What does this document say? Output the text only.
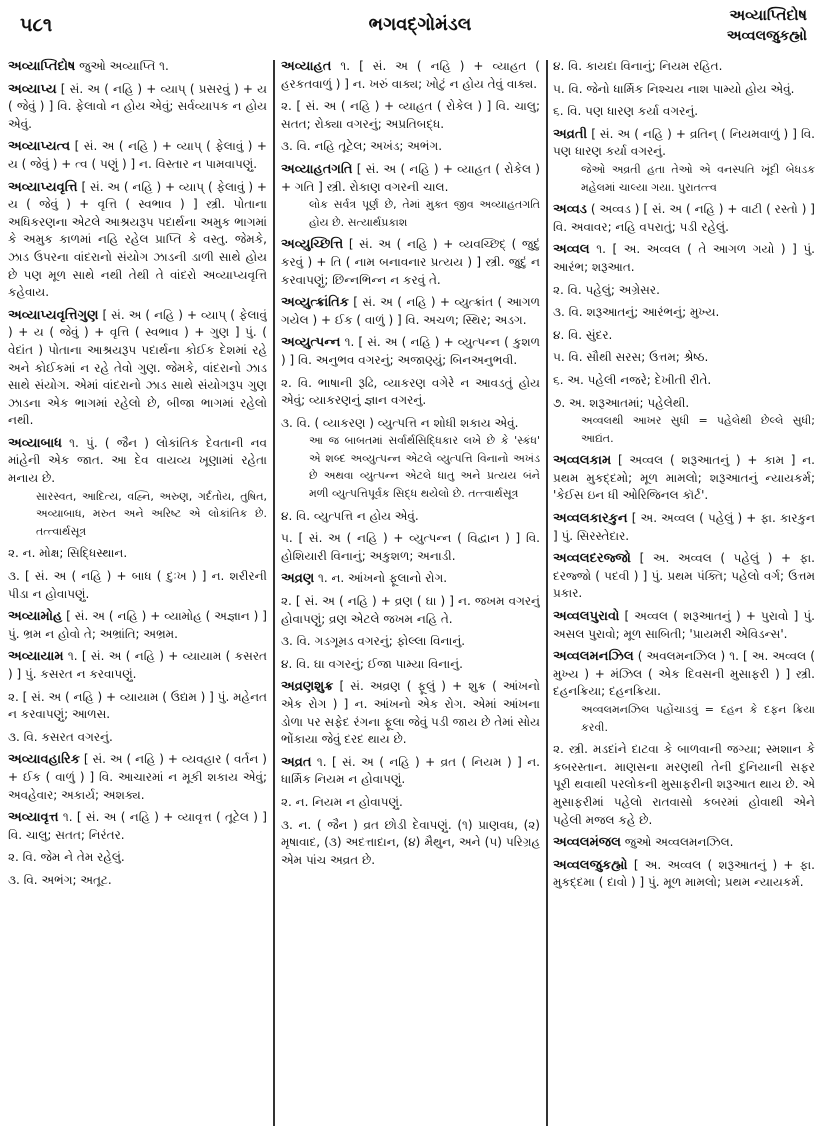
૫૮૧	ભગવદ્ગોમંડલ	અવ્યાપ્તિદોષ
અવ્વલજુકહ્મો
અવ્યાપ્તિદોષ જુઓ અવ્યાપ્તિ ૧.
અવ્યાપ્ય [ સં. અ ( નહિ ) + વ્યાપ્ ( પ્રસરવું ) + ય ( જેવું ) ] વિ. ફેલાવો ન હોય એવું; સર્વવ્યાપક ન હોય એવું.
અવ્યાપ્યત્વ [ સં. અ ( નહિ ) + વ્યાપ્ ( ફેલાવું ) + ય ( જેવું ) + ત્વ ( પણું ) ] ન. વિસ્તાર ન પામવાપણું.
અવ્યાપ્યવૃત્તિ [ સં. અ ( નહિ ) + વ્યાપ્ ( ફેલાવું ) + ય ( જેવું ) + વૃત્તિ ( સ્વભાવ ) ] સ્ત્રી. પોતાના અધિકરણના એટલે આશ્રયરૂપ પદાર્થના અમુક ભાગમાં કે અમુક કાળમાં નહિ રહેલ પ્રાપ્તિ કે વસ્તુ. જેમકે, ઝાડ ઉપરના વાંદરાનો સંયોગ ઝાડની ડાળી સાથે હોય છે પણ મૂળ સાથે નથી તેથી તે વાંદરો અવ્યાપ્યવૃત્તિ કહેવાય.
અવ્યાપ્યવૃત્તિગુણ [ સં. અ ( નહિ ) + વ્યાપ્ ( ફેલાવું ) + ય ( જેવું ) + વૃત્તિ ( સ્વભાવ ) + ગુણ ] પું. ( વેદાંત ) પોતાના આશ્રયરૂપ પદાર્થના કોઈક દેશમાં રહે અને કોઈકમાં ન રહે તેવો ગુણ. જેમકે, વાંદરાનો ઝાડ સાથે સંયોગ. એમાં વાંદરાનો ઝાડ સાથે સંયોગરૂપ ગુણ ઝાડના એક ભાગમાં રહેલો છે, બીજા ભાગમાં રહેલો નથી.
અવ્યાબાધ ૧. પું. ( જૈન ) લોકાંતિક દેવતાની નવ માંહેની એક જાત. આ દેવ વાયવ્ય ખૂણામાં રહેતા મનાય છે.
સારસ્વત, આદિત્ય, વહ્નિ, અરુણ, ગર્દતોય, તુષિત, અવ્યાબાધ, મરુત અને અરિષ્ટ એ લોકાંતિક છે. તત્ત્વાર્થસૂત્ર
૨. ન. મોક્ષ; સિદ્ધિસ્થાન.
૩. [ સં. અ ( નહિ ) + બાધ ( દુઃખ ) ] ન. શરીરની પીડા ન હોવાપણું.
અવ્યામોહ [ સં. અ ( નહિ ) + વ્યામોહ ( અજ્ઞાન ) ] પું. ભ્રમ ન હોવો તે; અભ્રાંતિ; અભ્રમ.
અવ્યાયામ ૧. [ સં. અ ( નહિ ) + વ્યાયામ ( કસરત ) ] પું. કસરત ન કરવાપણું.
૨. [ સં. અ ( નહિ ) + વ્યાયામ ( ઉદ્યમ ) ] પું. મહેનત ન કરવાપણું; આળસ.
૩. વિ. કસરત વગરનું.
અવ્યાવહારિક [ સં. અ ( નહિ ) + વ્યવહાર ( વર્તન ) + ઈક ( વાળું ) ] વિ. આચારમાં ન મૂકી શકાય એવું; અવહેવાર; અકાર્ય; અશક્ય.
અવ્યાવૃત્ત ૧. [ સં. અ ( નહિ ) + વ્યાવૃત્ત ( તૂટેલ ) ] વિ. ચાલુ; સતત; નિરંતર.
૨. વિ. જેમ ને તેમ રહેલું.
૩. વિ. અભંગ; અતૂટ.
અવ્યાહત ૧. [ સં. અ ( નહિ ) + વ્યાહત ( હરકતવાળું ) ] ન. ખરું વાક્ય; ખોટું ન હોય તેવું વાક્ય.
૨. [ સં. અ ( નહિ ) + વ્યાહત ( રોકેલ ) ] વિ. ચાલુ; સતત; રોક્યા વગરનું; અપ્રતિબદ્ધ.
૩. વિ. નહિ તૂટેલ; અખંડ; અભંગ.
અવ્યાહતગતિ [ સં. અ ( નહિ ) + વ્યાહત ( રોકેલ ) + ગતિ ] સ્ત્રી. રોકાણ વગરની ચાલ.
લોક સર્વત્ર પૂર્ણ છે, તેમાં મુક્ત જીવ અવ્યાહતગતિ હોય છે. સત્યાર્થપ્રકાશ
અવ્યુચ્છિત્તિ [ સં. અ ( નહિ ) + વ્યવચ્છિદ્ ( જુદું કરવું ) + તિ ( નામ બનાવનાર પ્રત્યય ) ] સ્ત્રી. જુદું ન કરવાપણું; છિન્નભિન્ન ન કરવું તે.
અવ્યુત્ક્રાંતિક [ સં. અ ( નહિ ) + વ્યુત્ક્રાંત ( આગળ ગયેલ ) + ઈક ( વાળું ) ] વિ. અચળ; સ્થિર; અડગ.
અવ્યુત્પન્ન ૧. [ સં. અ ( નહિ ) + વ્યુત્પન્ન ( કુશળ ) ] વિ. અનુભવ વગરનું; અજાણ્યું; બિનઅનુભવી.
૨. વિ. ભાષાની રૂઢિ, વ્યાકરણ વગેરે ન આવડતું હોય એવું; વ્યાકરણનું જ્ઞાન વગરનું.
૩. વિ. ( વ્યાકરણ ) વ્યુત્પત્તિ ન શોધી શકાય એવું.
આ જ બાબતમાં સર્વાર્થસિદ્ધિકાર લખે છે કે 'સ્કંધ' એ શબ્દ અવ્યુત્પન્ન એટલે વ્યુત્પત્તિ વિનાનો અખંડ છે અથવા વ્યુત્પન્ન એટલે ધાતુ અને પ્રત્યય બંને મળી વ્યુત્પત્તિપૂર્વક સિદ્ધ થયેલો છે. તત્ત્વાર્થસૂત્ર
૪. વિ. વ્યુત્પત્તિ ન હોય એવું.
૫. [ સં. અ ( નહિ ) + વ્યુત્પન્ન ( વિદ્વાન ) ] વિ. હોશિયારી વિનાનું; અકુશળ; અનાડી.
અવ્રણ ૧. ન. આંખનો ફૂલાનો રોગ.
૨. [ સં. અ ( નહિ ) + વ્રણ ( ઘા ) ] ન. જખમ વગરનું હોવાપણું; વ્રણ એટલે જખમ નહિ તે.
૩. વિ. ગડગૂમડ વગરનું; ફોલ્લા વિનાનું.
૪. વિ. ઘા વગરનું; ઈજા પામ્યા વિનાનું.
અવ્રણશુક્ર [ સં. અવ્રણ ( ફૂલું ) + શુક્ર ( આંખનો એક રોગ ) ] ન. આંખનો એક રોગ. એમાં આંખના ડોળા પર સફેદ રંગના ફૂલા જેવું પડી જાય છે તેમાં સોય ભોંકાયા જેવું દરદ થાય છે.
અવ્રત ૧. [ સં. અ ( નહિ ) + વ્રત ( નિયમ ) ] ન. ધાર્મિક નિયમ ન હોવાપણું.
૨. ન. નિયમ ન હોવાપણું.
૩. ન. ( જૈન ) વ્રત છોડી દેવાપણું. (૧) પ્રાણવધ, (૨) મૃષાવાદ, (૩) અદત્તાદાન, (૪) મૈથુન, અને (૫) પરિગ્રહ એમ પાંચ અવ્રત છે.
૪. વિ. કાયદા વિનાનું; નિયમ રહિત.
૫. વિ. જેનો ધાર્મિક નિશ્ચય નાશ પામ્યો હોય એવું.
૬. વિ. પણ ધારણ કર્યા વગરનું.
અવ્રતી [ સં. અ ( નહિ ) + વ્રતિન્ ( નિયમવાળું ) ] વિ. પણ ધારણ કર્યા વગરનું.
જેઓ અવ્રતી હતા તેઓ એ વનસ્પતિ ખૂંદી બેધડક મહેલમાં ચાલ્યા ગયા. પુરાતત્ત્વ
અવ્વડ ( અવ્વડ ) [ સં. અ ( નહિ ) + વાટી ( રસ્તો ) ] વિ. અવાવર; નહિ વપરાતું; પડી રહેલું.
અવ્વલ ૧. [ અ. અવ્વલ ( તે આગળ ગયો ) ] પું. આરંભ; શરૂઆત.
૨. વિ. પહેલું; અગ્રેસર.
૩. વિ. શરૂઆતનું; આરંભનું; મુખ્ય.
૪. વિ. સુંદર.
૫. વિ. સૌથી સરસ; ઉત્તમ; શ્રેષ્ઠ.
૬. અ. પહેલી નજરે; દેખીતી રીતે.
૭. અ. શરૂઆતમાં; પહેલેથી.
અવ્વલથી આખર સુધી = પહેલેથી છેલ્લે સુધી; આદ્યંત.
અવ્વલકામ [ અવ્વલ ( શરૂઆતનું ) + કામ ] ન. પ્રથમ મુકદ્દમો; મૂળ મામલો; શરૂઆતનું ન્યાયકર્મ; 'કેઈસ ઇન ધી ઓરિજિનલ કૉર્ટ'.
અવ્વલકારકુન [ અ. અવ્વલ ( પહેલું ) + ફા. કારકુન ] પું. સિરસ્તેદાર.
અવ્વલદરજ્જો [ અ. અવ્વલ ( પહેલું ) + ફા. દરજ્જો ( પદવી ) ] પું. પ્રથમ પંક્તિ; પહેલો વર્ગ; ઉત્તમ પ્રકાર.
અવ્વલપુરાવો [ અવ્વલ ( શરૂઆતનું ) + પુરાવો ] પું. અસલ પુરાવો; મૂળ સાબિતી; 'પ્રાયમરી એવિડન્સ'.
અવ્વલમનઝિલ ( અવલમનઝિલ ) ૧. [ અ. અવ્વલ ( મુખ્ય ) + મંઝિલ ( એક દિવસની મુસાફરી ) ] સ્ત્રી. દહનક્રિયા; દહનક્રિયા.
અવ્વલમનઝિલ પહોંચાડવું = દહન કે દફન ક્રિયા કરવી.
૨. સ્ત્રી. મડદાંને દાટવા કે બાળવાની જગ્યા; સ્મશાન કે કબરસ્તાન. માણસના મરણથી તેની દુનિયાની સફર પૂરી થવાથી પરલોકની મુસાફરીની શરૂઆત થાય છે. એ મુસાફરીમાં પહેલો રાતવાસો કબરમાં હોવાથી એને પહેલી મજલ કહે છે.
અવ્વલમંજલ જુઓ અવ્વલમનઝિલ.
અવ્વલજુકહ્મો [ અ. અવ્વલ ( શરૂઆતનું ) + ફા. મુકદ્દમા ( દાવો ) ] પું. મૂળ મામલો; પ્રથમ ન્યાયકર્મ.
